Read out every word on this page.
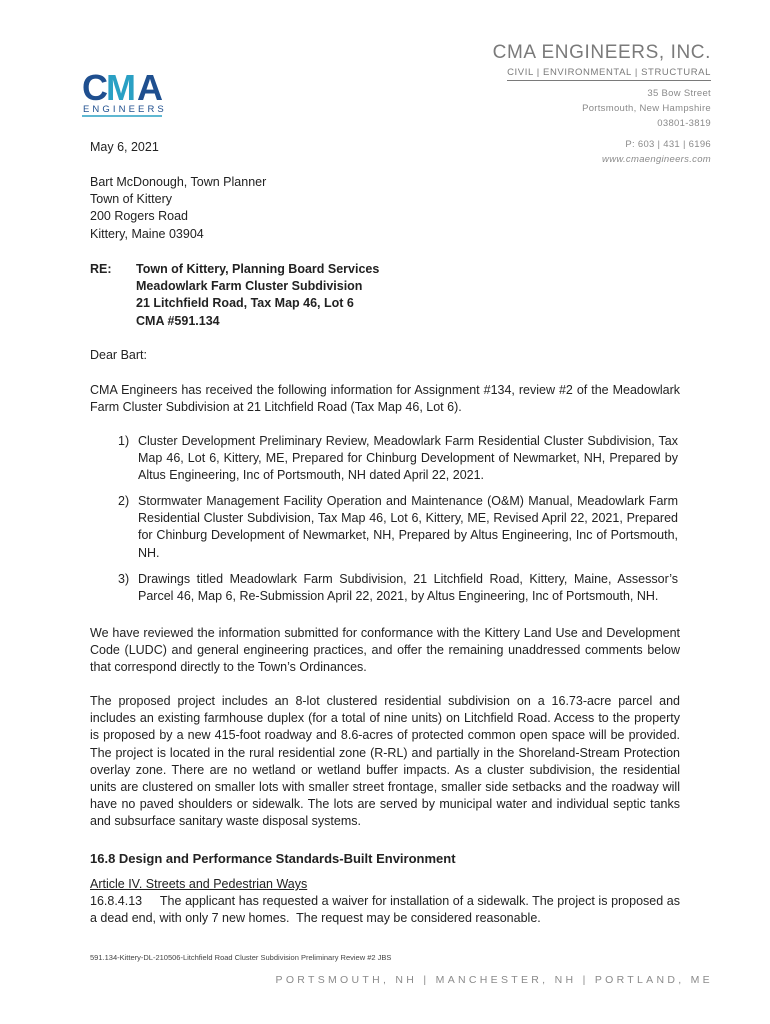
C M A
ENGINEERS
CMA ENGINEERS, INC.
CIVIL | ENVIRONMENTAL | STRUCTURAL
35 Bow Street
Portsmouth, New Hampshire
03801-3819
P: 603 | 431 | 6196
www.cmaengineers.com
May 6, 2021
Bart McDonough, Town Planner
Town of Kittery
200 Rogers Road
Kittery, Maine 03904
RE: Town of Kittery, Planning Board Services
Meadowlark Farm Cluster Subdivision
21 Litchfield Road, Tax Map 46, Lot 6
CMA #591.134
Dear Bart:
CMA Engineers has received the following information for Assignment #134, review #2 of the Meadowlark Farm Cluster Subdivision at 21 Litchfield Road (Tax Map 46, Lot 6).
1) Cluster Development Preliminary Review, Meadowlark Farm Residential Cluster Subdivision, Tax Map 46, Lot 6, Kittery, ME, Prepared for Chinburg Development of Newmarket, NH, Prepared by Altus Engineering, Inc of Portsmouth, NH dated April 22, 2021.
2) Stormwater Management Facility Operation and Maintenance (O&M) Manual, Meadowlark Farm Residential Cluster Subdivision, Tax Map 46, Lot 6, Kittery, ME, Revised April 22, 2021, Prepared for Chinburg Development of Newmarket, NH, Prepared by Altus Engineering, Inc of Portsmouth, NH.
3) Drawings titled Meadowlark Farm Subdivision, 21 Litchfield Road, Kittery, Maine, Assessor’s Parcel 46, Map 6, Re-Submission April 22, 2021, by Altus Engineering, Inc of Portsmouth, NH.
We have reviewed the information submitted for conformance with the Kittery Land Use and Development Code (LUDC) and general engineering practices, and offer the remaining unaddressed comments below that correspond directly to the Town’s Ordinances.
The proposed project includes an 8-lot clustered residential subdivision on a 16.73-acre parcel and includes an existing farmhouse duplex (for a total of nine units) on Litchfield Road. Access to the property is proposed by a new 415-foot roadway and 8.6-acres of protected common open space will be provided. The project is located in the rural residential zone (R-RL) and partially in the Shoreland-Stream Protection overlay zone. There are no wetland or wetland buffer impacts. As a cluster subdivision, the residential units are clustered on smaller lots with smaller street frontage, smaller side setbacks and the roadway will have no paved shoulders or sidewalk. The lots are served by municipal water and individual septic tanks and subsurface sanitary waste disposal systems.
16.8 Design and Performance Standards-Built Environment
Article IV. Streets and Pedestrian Ways
16.8.4.13     The applicant has requested a waiver for installation of a sidewalk. The project is proposed as a dead end, with only 7 new homes.  The request may be considered reasonable.
591.134-Kittery-DL-210506-Litchfield Road Cluster Subdivision Preliminary Review #2 JBS
PORTSMOUTH, NH | MANCHESTER, NH | PORTLAND, ME
